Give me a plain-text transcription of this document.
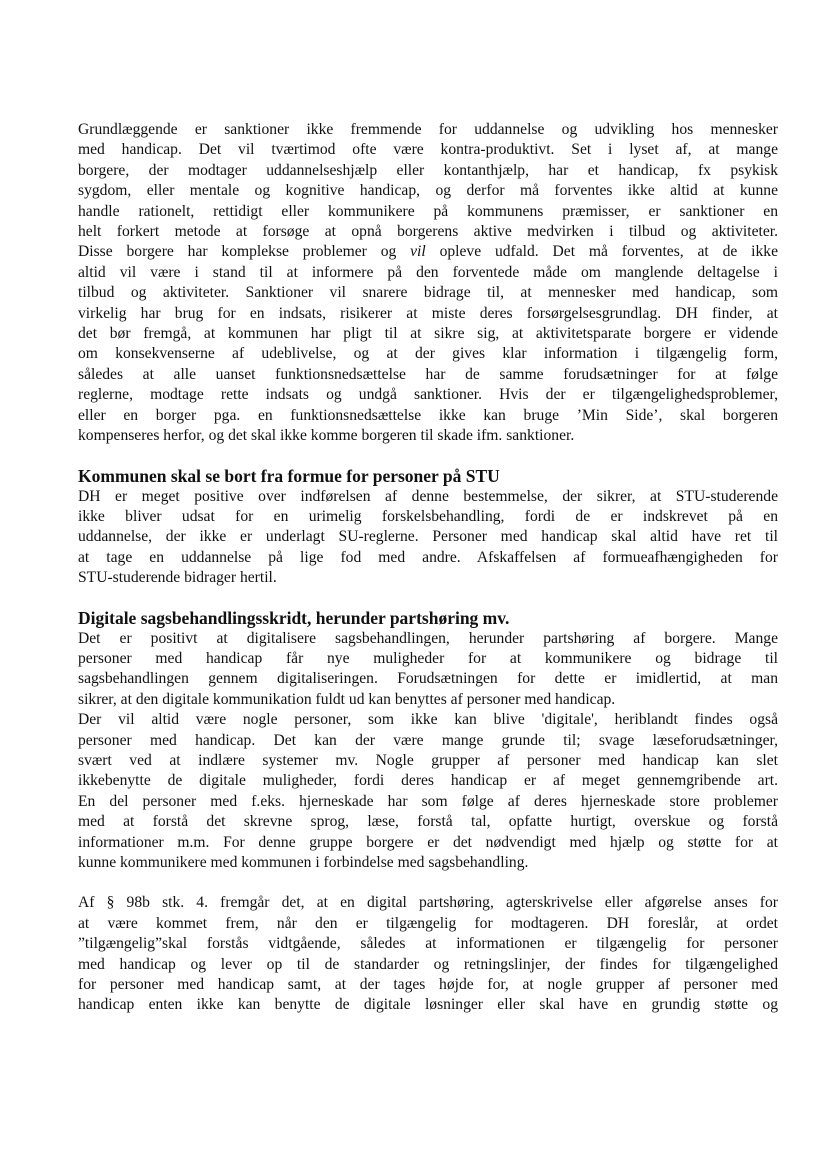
Grundlæggende er sanktioner ikke fremmende for uddannelse og udvikling hos mennesker
med handicap. Det vil tværtimod ofte være kontra-produktivt. Set i lyset af, at mange
borgere, der modtager uddannelseshjælp eller kontanthjælp, har et handicap, fx psykisk
sygdom, eller mentale og kognitive handicap, og derfor må forventes ikke altid at kunne
handle rationelt, rettidigt eller kommunikere på kommunens præmisser, er sanktioner en
helt forkert metode at forsøge at opnå borgerens aktive medvirken i tilbud og aktiviteter.
Disse borgere har komplekse problemer og vil opleve udfald. Det må forventes, at de ikke
altid vil være i stand til at informere på den forventede måde om manglende deltagelse i
tilbud og aktiviteter. Sanktioner vil snarere bidrage til, at mennesker med handicap, som
virkelig har brug for en indsats, risikerer at miste deres forsørgelsesgrundlag. DH finder, at
det bør fremgå, at kommunen har pligt til at sikre sig, at aktivitetsparate borgere er vidende
om konsekvenserne af udeblivelse, og at der gives klar information i tilgængelig form,
således at alle uanset funktionsnedsættelse har de samme forudsætninger for at følge
reglerne, modtage rette indsats og undgå sanktioner. Hvis der er tilgængelighedsproblemer,
eller en borger pga. en funktionsnedsættelse ikke kan bruge ’Min Side’, skal borgeren
kompenseres herfor, og det skal ikke komme borgeren til skade ifm. sanktioner.

Kommunen skal se bort fra formue for personer på STU

DH er meget positive over indførelsen af denne bestemmelse, der sikrer, at STU-studerende
ikke bliver udsat for en urimelig forskelsbehandling, fordi de er indskrevet på en
uddannelse, der ikke er underlagt SU-reglerne. Personer med handicap skal altid have ret til
at tage en uddannelse på lige fod med andre. Afskaffelsen af formueafhængigheden for
STU-studerende bidrager hertil.

Digitale sagsbehandlingsskridt, herunder partshøring mv.

Det er positivt at digitalisere sagsbehandlingen, herunder partshøring af borgere. Mange
personer med handicap får nye muligheder for at kommunikere og bidrage til
sagsbehandlingen gennem digitaliseringen. Forudsætningen for dette er imidlertid, at man
sikrer, at den digitale kommunikation fuldt ud kan benyttes af personer med handicap.
Der vil altid være nogle personer, som ikke kan blive 'digitale', heriblandt findes også
personer med handicap. Det kan der være mange grunde til; svage læseforudsætninger,
svært ved at indlære systemer mv. Nogle grupper af personer med handicap kan slet
ikkebenytte de digitale muligheder, fordi deres handicap er af meget gennemgribende art.
En del personer med f.eks. hjerneskade har som følge af deres hjerneskade store problemer
med at forstå det skrevne sprog, læse, forstå tal, opfatte hurtigt, overskue og forstå
informationer m.m. For denne gruppe borgere er det nødvendigt med hjælp og støtte for at
kunne kommunikere med kommunen i forbindelse med sagsbehandling.

Af § 98b stk. 4. fremgår det, at en digital partshøring, agterskrivelse eller afgørelse anses for
at være kommet frem, når den er tilgængelig for modtageren. DH foreslår, at ordet
”tilgængelig”skal forstås vidtgående, således at informationen er tilgængelig for personer
med handicap og lever op til de standarder og retningslinjer, der findes for tilgængelighed
for personer med handicap samt, at der tages højde for, at nogle grupper af personer med
handicap enten ikke kan benytte de digitale løsninger eller skal have en grundig støtte og
